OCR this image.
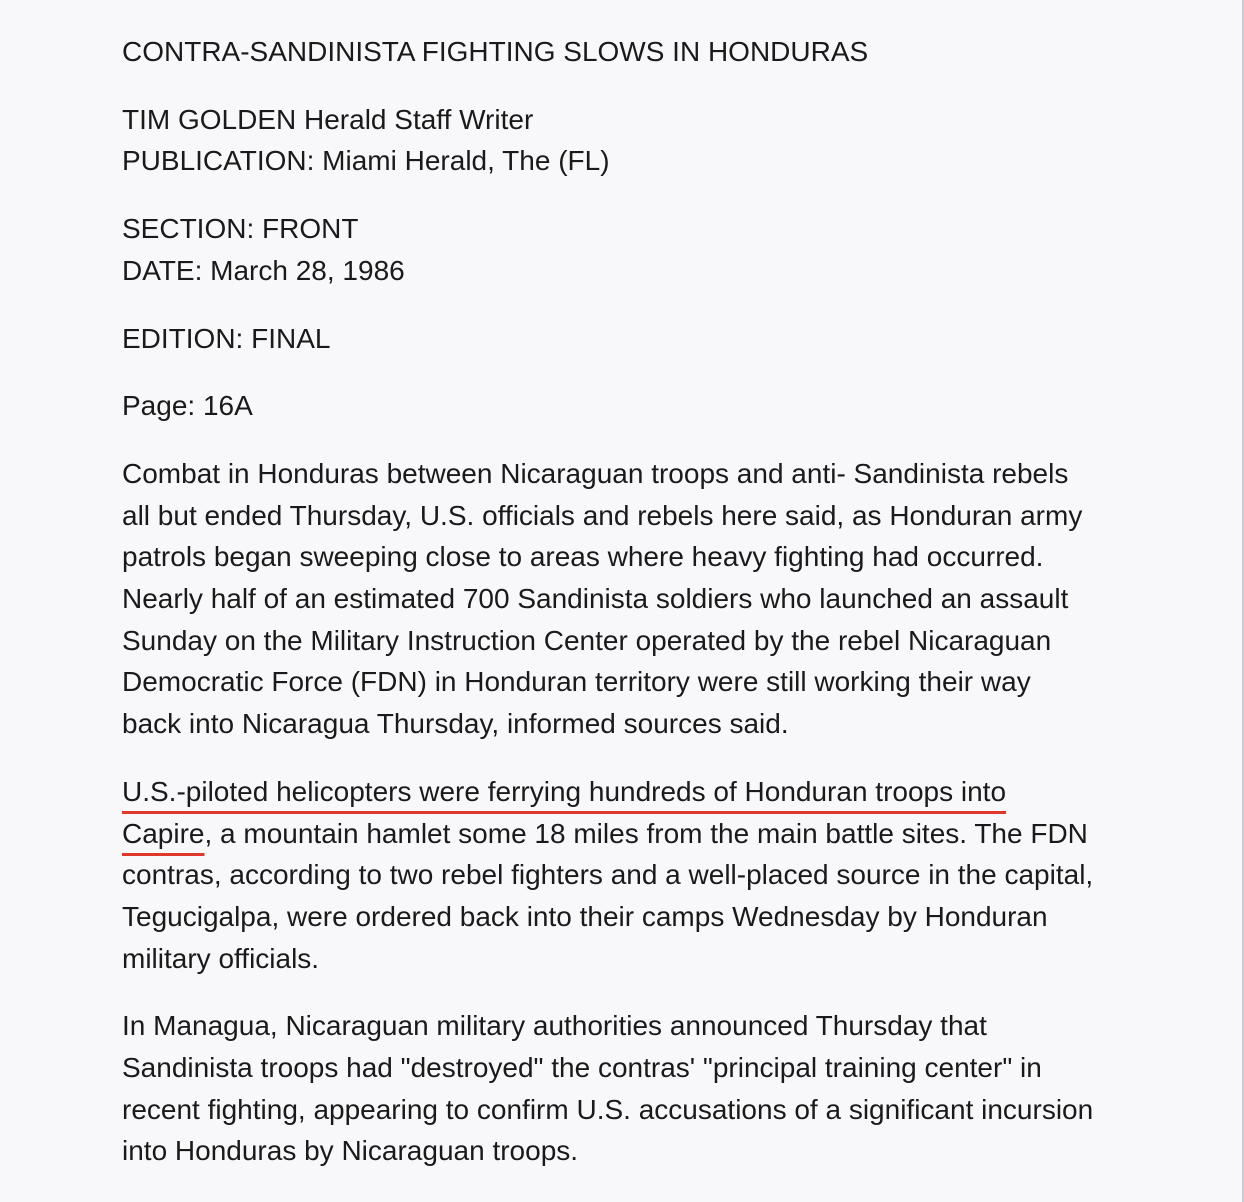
CONTRA-SANDINISTA FIGHTING SLOWS IN HONDURAS

TIM GOLDEN Herald Staff Writer
PUBLICATION: Miami Herald, The (FL)

SECTION: FRONT
DATE: March 28, 1986

EDITION: FINAL

Page: 16A

Combat in Honduras between Nicaraguan troops and anti- Sandinista rebels
all but ended Thursday, U.S. officials and rebels here said, as Honduran army
patrols began sweeping close to areas where heavy fighting had occurred.
Nearly half of an estimated 700 Sandinista soldiers who launched an assault
Sunday on the Military Instruction Center operated by the rebel Nicaraguan
Democratic Force (FDN) in Honduran territory were still working their way
back into Nicaragua Thursday, informed sources said.

U.S.-piloted helicopters were ferrying hundreds of Honduran troops into
Capire, a mountain hamlet some 18 miles from the main battle sites. The FDN
contras, according to two rebel fighters and a well-placed source in the capital,
Tegucigalpa, were ordered back into their camps Wednesday by Honduran
military officials.

In Managua, Nicaraguan military authorities announced Thursday that
Sandinista troops had "destroyed" the contras' "principal training center" in
recent fighting, appearing to confirm U.S. accusations of a significant incursion
into Honduras by Nicaraguan troops.
